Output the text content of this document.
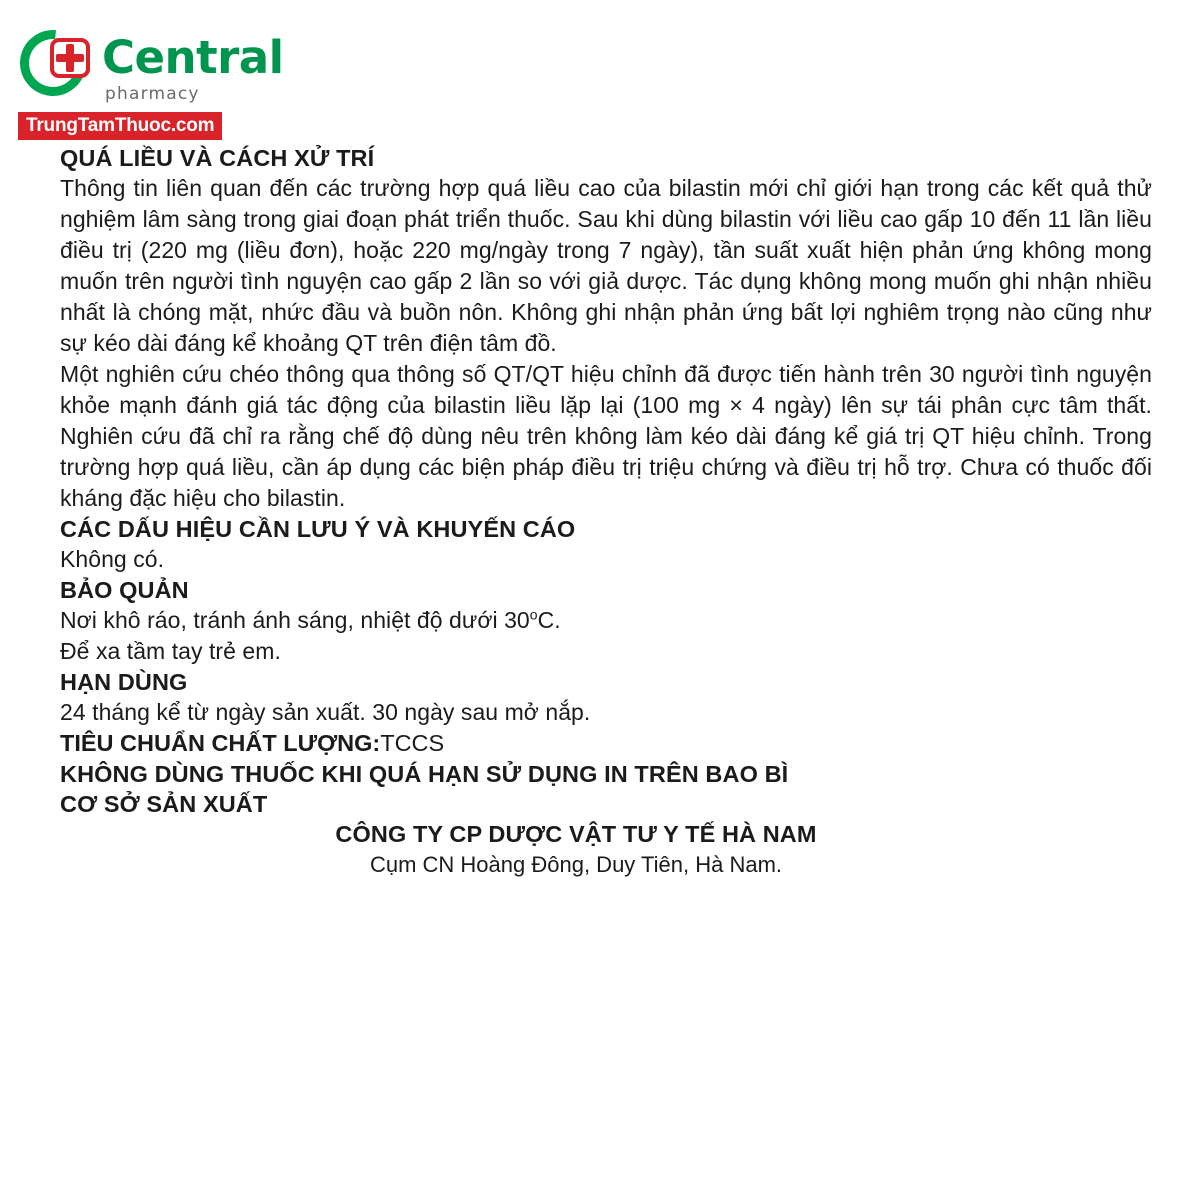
Central
pharmacy
TrungTamThuoc.com

QUÁ LIỀU VÀ CÁCH XỬ TRÍ

Thông tin liên quan đến các trường hợp quá liều cao của bilastin mới chỉ giới hạn trong các kết quả thử nghiệm lâm sàng trong giai đoạn phát triển thuốc. Sau khi dùng bilastin với liều cao gấp 10 đến 11 lần liều điều trị (220 mg (liều đơn), hoặc 220 mg/ngày trong 7 ngày), tần suất xuất hiện phản ứng không mong muốn trên người tình nguyện cao gấp 2 lần so với giả dược. Tác dụng không mong muốn ghi nhận nhiều nhất là chóng mặt, nhức đầu và buồn nôn. Không ghi nhận phản ứng bất lợi nghiêm trọng nào cũng như sự kéo dài đáng kể khoảng QT trên điện tâm đồ.

Một nghiên cứu chéo thông qua thông số QT/QT hiệu chỉnh đã được tiến hành trên 30 người tình nguyện khỏe mạnh đánh giá tác động của bilastin liều lặp lại (100 mg × 4 ngày) lên sự tái phân cực tâm thất. Nghiên cứu đã chỉ ra rằng chế độ dùng nêu trên không làm kéo dài đáng kể giá trị QT hiệu chỉnh. Trong trường hợp quá liều, cần áp dụng các biện pháp điều trị triệu chứng và điều trị hỗ trợ. Chưa có thuốc đối kháng đặc hiệu cho bilastin.

CÁC DẤU HIỆU CẦN LƯU Ý VÀ KHUYẾN CÁO

Không có.

BẢO QUẢN

Nơi khô ráo, tránh ánh sáng, nhiệt độ dưới 30$^o$C.

Để xa tầm tay trẻ em.

HẠN DÙNG

24 tháng kể từ ngày sản xuất. 30 ngày sau mở nắp.

TIÊU CHUẨN CHẤT LƯỢNG:TCCS

KHÔNG DÙNG THUỐC KHI QUÁ HẠN SỬ DỤNG IN TRÊN BAO BÌ

CƠ SỞ SẢN XUẤT

CÔNG TY CP DƯỢC VẬT TƯ Y TẾ HÀ NAM

Cụm CN Hoàng Đông, Duy Tiên, Hà Nam.
